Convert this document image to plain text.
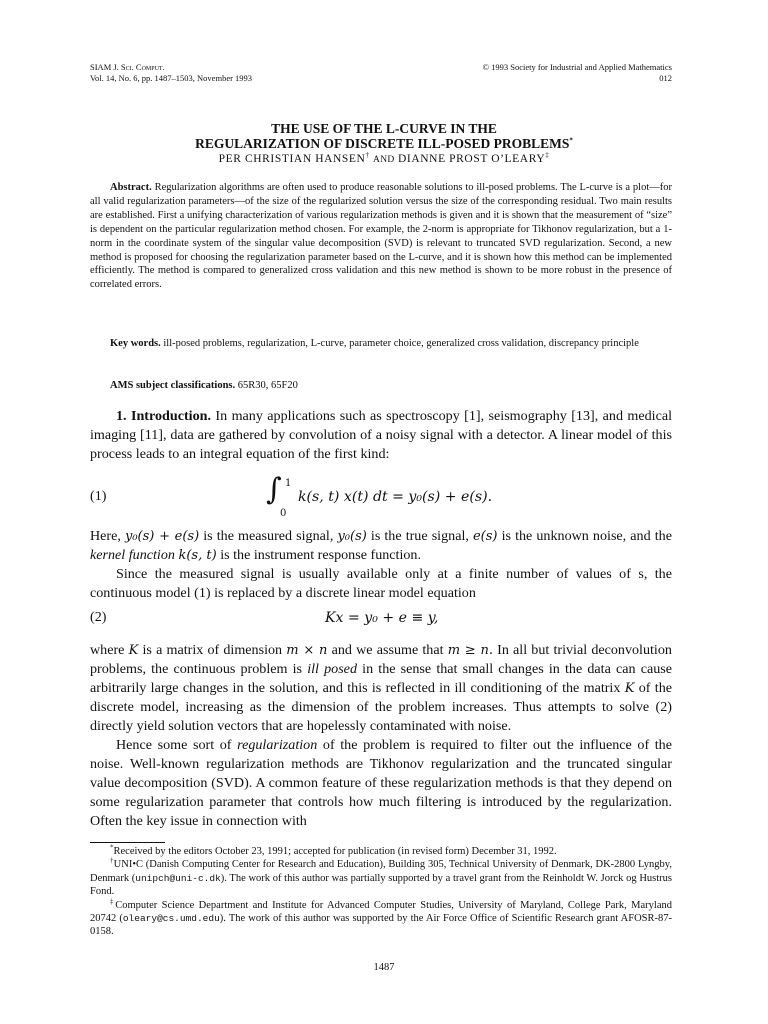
SIAM J. Sci. Comput.
Vol. 14, No. 6, pp. 1487–1503, November 1993
© 1993 Society for Industrial and Applied Mathematics
012
THE USE OF THE L-CURVE IN THE
REGULARIZATION OF DISCRETE ILL-POSED PROBLEMS*
PER CHRISTIAN HANSEN† AND DIANNE PROST O’LEARY‡

Abstract. Regularization algorithms are often used to produce reasonable solutions to ill-posed problems. The L-curve is a plot—for all valid regularization parameters—of the size of the regularized solution versus the size of the corresponding residual. Two main results are established. First a unifying characterization of various regularization methods is given and it is shown that the measurement of “size” is dependent on the particular regularization method chosen. For example, the 2-norm is appropriate for Tikhonov regularization, but a 1-norm in the coordinate system of the singular value decomposition (SVD) is relevant to truncated SVD regularization. Second, a new method is proposed for choosing the regularization parameter based on the L-curve, and it is shown how this method can be implemented efficiently. The method is compared to generalized cross validation and this new method is shown to be more robust in the presence of correlated errors.

Key words. ill-posed problems, regularization, L-curve, parameter choice, generalized cross validation, discrepancy principle

AMS subject classifications. 65R30, 65F20

1. Introduction. In many applications such as spectroscopy [1], seismography [13], and medical imaging [11], data are gathered by convolution of a noisy signal with a detector. A linear model of this process leads to an integral equation of the first kind:

(1)	∫ 1
0
k(s, t) x(t) dt = y₀(s) + e(s).

Here, y₀(s) + e(s) is the measured signal, y₀(s) is the true signal, e(s) is the unknown noise, and the kernel function k(s, t) is the instrument response function.

Since the measured signal is usually available only at a finite number of values of s, the continuous model (1) is replaced by a discrete linear model equation

(2)	Kx = y₀ + e ≡ y,

where K is a matrix of dimension m × n and we assume that m ≥ n. In all but trivial deconvolution problems, the continuous problem is ill posed in the sense that small changes in the data can cause arbitrarily large changes in the solution, and this is reflected in ill conditioning of the matrix K of the discrete model, increasing as the dimension of the problem increases. Thus attempts to solve (2) directly yield solution vectors that are hopelessly contaminated with noise.

Hence some sort of regularization of the problem is required to filter out the influence of the noise. Well-known regularization methods are Tikhonov regularization and the truncated singular value decomposition (SVD). A common feature of these regularization methods is that they depend on some regularization parameter that controls how much filtering is introduced by the regularization. Often the key issue in connection with

*Received by the editors October 23, 1991; accepted for publication (in revised form) December 31, 1992.

†UNI•C (Danish Computing Center for Research and Education), Building 305, Technical University of Denmark, DK-2800 Lyngby, Denmark (unipch@uni-c.dk). The work of this author was partially supported by a travel grant from the Reinholdt W. Jorck og Hustrus Fond.

‡Computer Science Department and Institute for Advanced Computer Studies, University of Maryland, College Park, Maryland 20742 (oleary@cs.umd.edu). The work of this author was supported by the Air Force Office of Scientific Research grant AFOSR-87-0158.

1487
